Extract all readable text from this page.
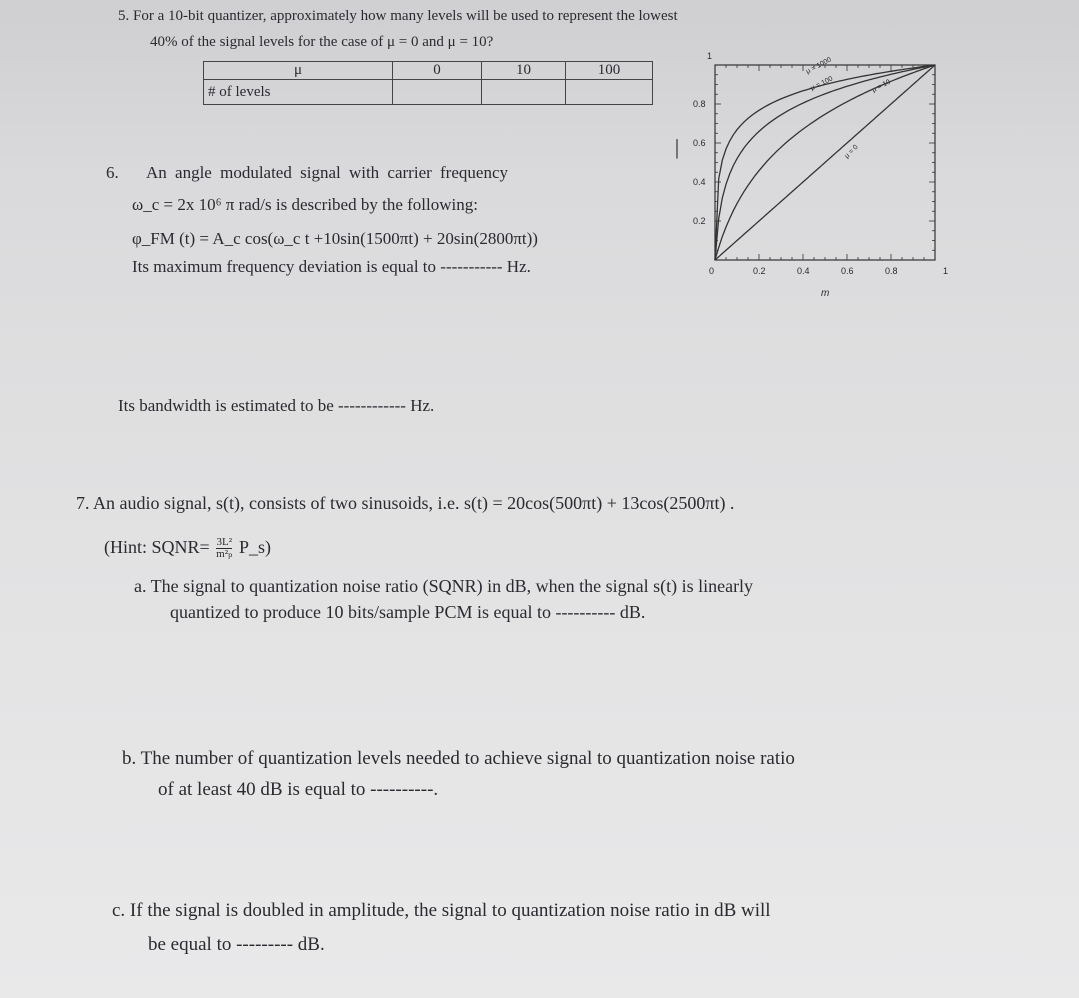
5. For a 10-bit quantizer, approximately how many levels will be used to represent the lowest
40% of the signal levels for the case of μ = 0 and μ = 10?
μ	0	10	100
# of levels			
0.8
0.6
0.4
0.2
1
0	0.2	0.4	0.6	0.8	1
m
μ = 1000
μ = 100	μ = 10
μ = 0
6. An angle modulated signal with carrier frequency
ω_c = 2x 10⁶ π rad/s is described by the following:
φ_FM (t) = A_c cos(ω_c t +10sin(1500πt) + 20sin(2800πt))
Its maximum frequency deviation is equal to ----------- Hz.
Its bandwidth is estimated to be ------------ Hz.
7. An audio signal, s(t), consists of two sinusoids, i.e. s(t) = 20cos(500πt) + 13cos(2500πt) .
(Hint: SQNR= $\frac{\text{3L²}}{\text{m²ₚ}}$ P_s)
a. The signal to quantization noise ratio (SQNR) in dB, when the signal s(t) is linearly
quantized to produce 10 bits/sample PCM is equal to ---------- dB.
b. The number of quantization levels needed to achieve signal to quantization noise ratio
of at least 40 dB is equal to ----------.
c. If the signal is doubled in amplitude, the signal to quantization noise ratio in dB will
be equal to --------- dB.
